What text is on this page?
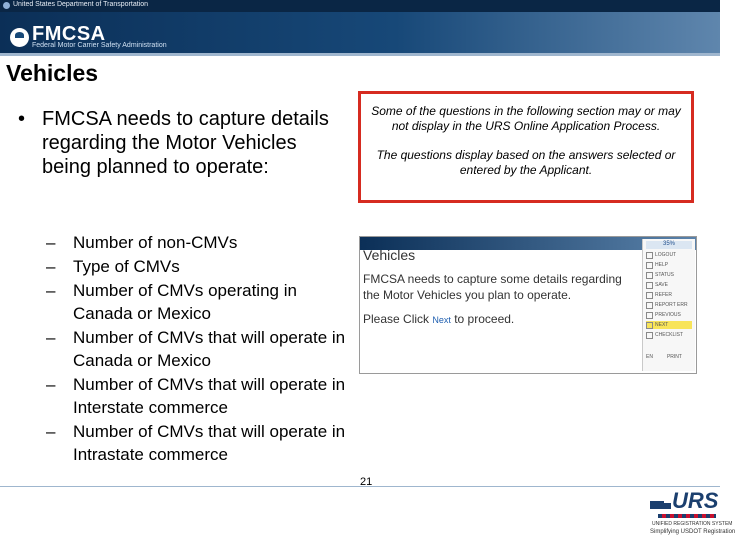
United States Department of Transportation
FMCSA
Federal Motor Carrier Safety Administration
Vehicles
• FMCSA needs to capture details regarding the Motor Vehicles being planned to operate:
– Number of non-CMVs
– Type of CMVs
– Number of CMVs operating in Canada or Mexico
– Number of CMVs that will operate in Canada or Mexico
– Number of CMVs that will operate in Interstate commerce
– Number of CMVs that will operate in Intrastate commerce

Some of the questions in the following section may or may not display in the URS Online Application Process.

The questions display based on the answers selected or entered by the Applicant.

Vehicles
FMCSA needs to capture some details regarding the Motor Vehicles you plan to operate.
Please Click Next to proceed.
35%
LOGOUT
HELP
STATUS
SAVE
REFER
REPORT ERR
PREVIOUS
NEXT
CHECKLIST
EN	PRINT
21
URS
UNIFIED REGISTRATION SYSTEM
Simplifying USDOT Registration
